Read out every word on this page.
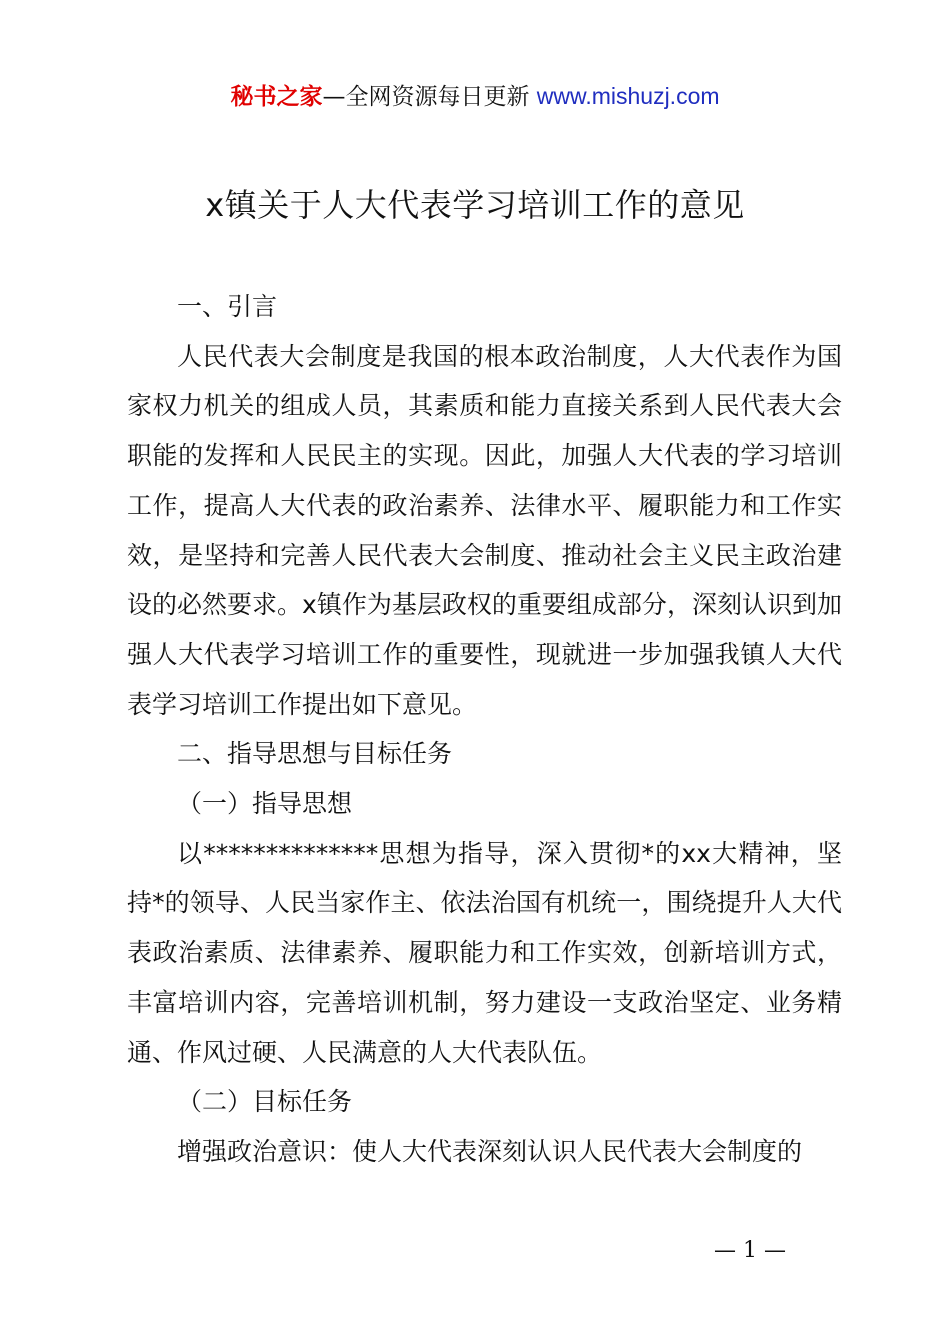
秘书之家—全网资源每日更新 www.mishuzj.com
x镇关于人大代表学习培训工作的意见

一、引言

人民代表大会制度是我国的根本政治制度，人大代表作为国家权力机关的组成人员，其素质和能力直接关系到人民代表大会职能的发挥和人民民主的实现。因此，加强人大代表的学习培训工作，提高人大代表的政治素养、法律水平、履职能力和工作实效，是坚持和完善人民代表大会制度、推动社会主义民主政治建设的必然要求。x镇作为基层政权的重要组成部分，深刻认识到加强人大代表学习培训工作的重要性，现就进一步加强我镇人大代表学习培训工作提出如下意见。

二、指导思想与目标任务

（一）指导思想

以**************思想为指导，深入贯彻*的xx大精神，坚持*的领导、人民当家作主、依法治国有机统一，围绕提升人大代表政治素质、法律素养、履职能力和工作实效，创新培训方式，丰富培训内容，完善培训机制，努力建设一支政治坚定、业务精通、作风过硬、人民满意的人大代表队伍。

（二）目标任务

增强政治意识：使人大代表深刻认识人民代表大会制度的

— 1 —
